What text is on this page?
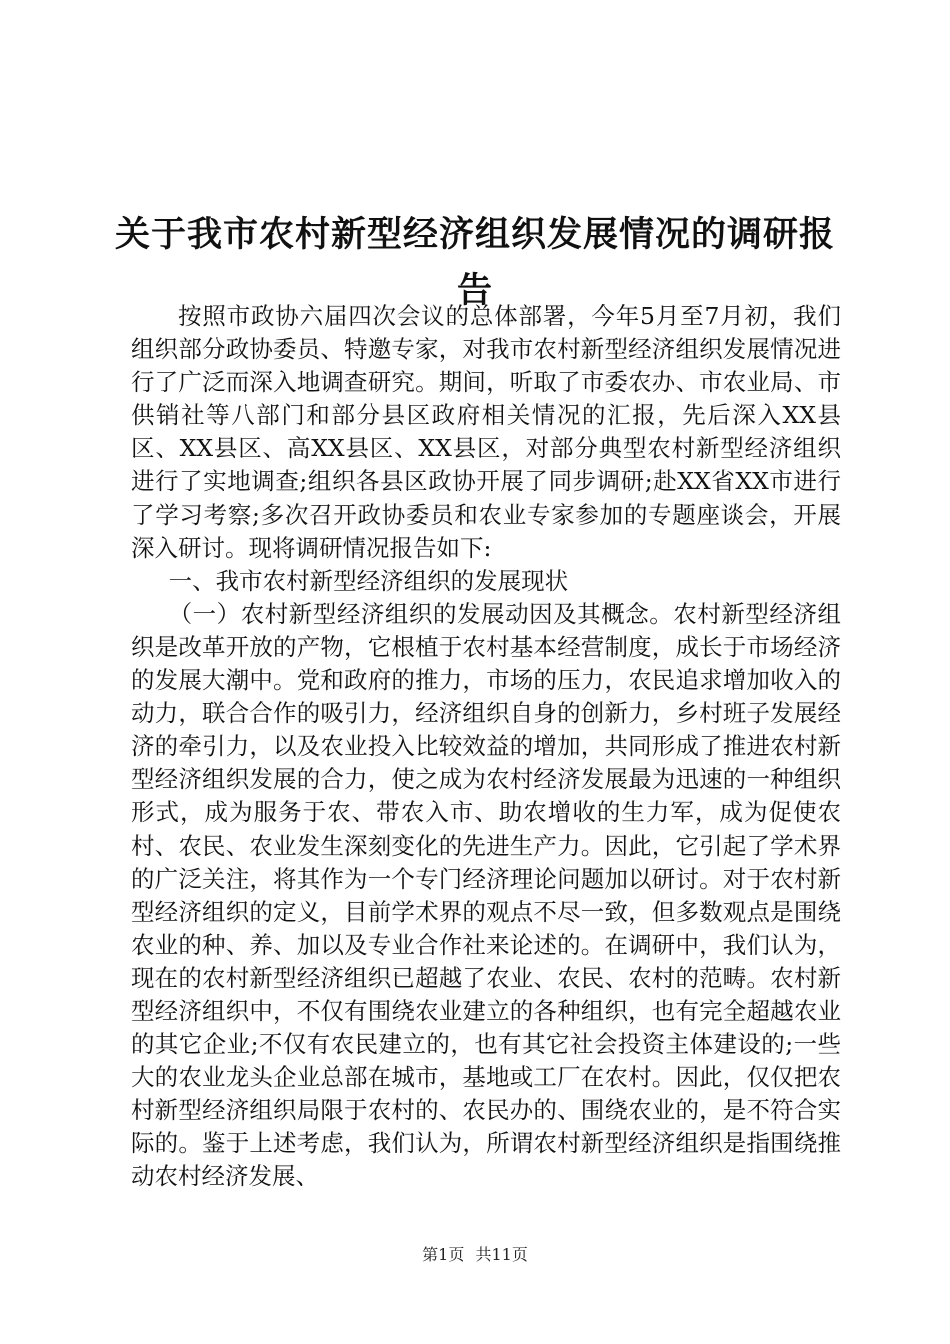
关于我市农村新型经济组织发展情况的调研报告

按照市政协六届四次会议的总体部署，今年5月至7月初，我们组织部分政协委员、特邀专家，对我市农村新型经济组织发展情况进行了广泛而深入地调查研究。期间，听取了市委农办、市农业局、市供销社等八部门和部分县区政府相关情况的汇报，先后深入XX县区、XX县区、高XX县区、XX县区，对部分典型农村新型经济组织进行了实地调查;组织各县区政协开展了同步调研;赴XX省XX市进行了学习考察;多次召开政协委员和农业专家参加的专题座谈会，开展深入研讨。现将调研情况报告如下:

一、我市农村新型经济组织的发展现状

（一）农村新型经济组织的发展动因及其概念。农村新型经济组织是改革开放的产物，它根植于农村基本经营制度，成长于市场经济的发展大潮中。党和政府的推力，市场的压力，农民追求增加收入的动力，联合合作的吸引力，经济组织自身的创新力，乡村班子发展经济的牵引力，以及农业投入比较效益的增加，共同形成了推进农村新型经济组织发展的合力，使之成为农村经济发展最为迅速的一种组织形式，成为服务于农、带农入市、助农增收的生力军，成为促使农村、农民、农业发生深刻变化的先进生产力。因此，它引起了学术界的广泛关注，将其作为一个专门经济理论问题加以研讨。对于农村新型经济组织的定义，目前学术界的观点不尽一致，但多数观点是围绕农业的种、养、加以及专业合作社来论述的。在调研中，我们认为，现在的农村新型经济组织已超越了农业、农民、农村的范畴。农村新型经济组织中，不仅有围绕农业建立的各种组织，也有完全超越农业的其它企业;不仅有农民建立的，也有其它社会投资主体建设的;一些大的农业龙头企业总部在城市，基地或工厂在农村。因此，仅仅把农村新型经济组织局限于农村的、农民办的、围绕农业的，是不符合实际的。鉴于上述考虑，我们认为，所谓农村新型经济组织是指围绕推动农村经济发展、

第1页 共11页
